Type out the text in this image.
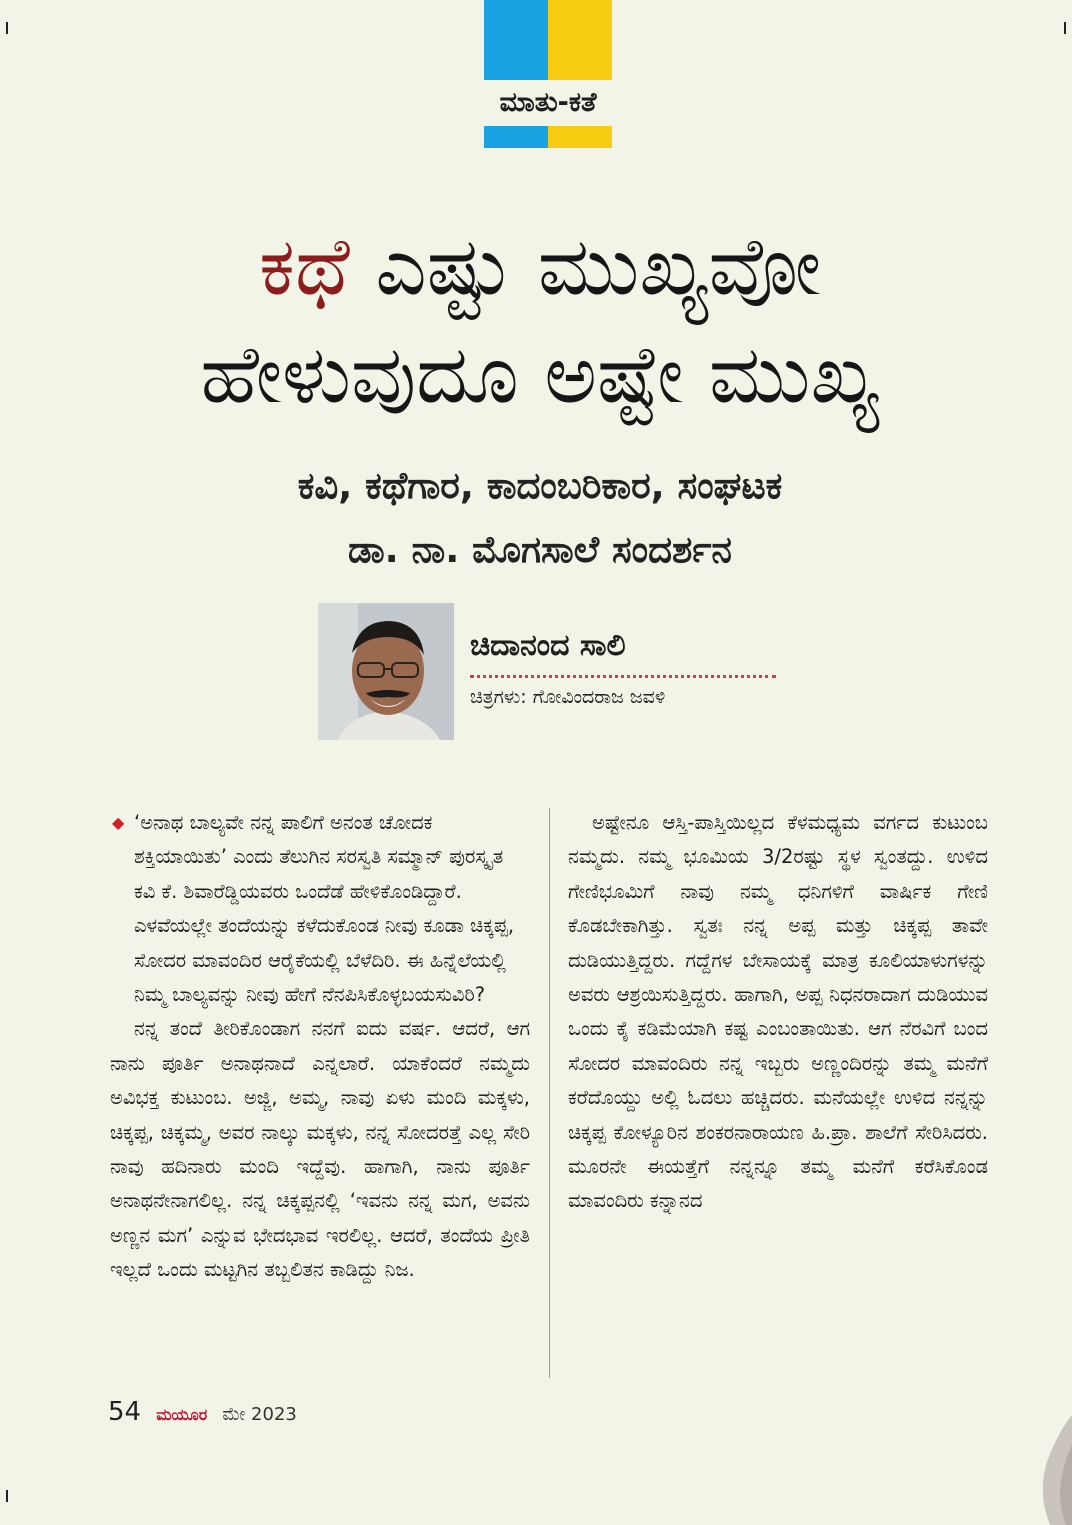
ಮಾತು-ಕತೆ
ಕಥೆ ಎಷ್ಟು ಮುಖ್ಯವೋ
ಹೇಳುವುದೂ ಅಷ್ಟೇ ಮುಖ್ಯ
ಕವಿ, ಕಥೆಗಾರ, ಕಾದಂಬರಿಕಾರ, ಸಂಘಟಕ
ಡಾ. ನಾ. ಮೊಗಸಾಲೆ ಸಂದರ್ಶನ
ಚಿದಾನಂದ ಸಾಲಿ
ಚಿತ್ರಗಳು: ಗೋವಿಂದರಾಜ ಜವಳಿ

◆ ‘ಅನಾಥ ಬಾಲ್ಯವೇ ನನ್ನ ಪಾಲಿಗೆ ಅನಂತ ಚೋದಕ ಶಕ್ತಿಯಾಯಿತು’ ಎಂದು ತೆಲುಗಿನ ಸರಸ್ವತಿ ಸಮ್ಮಾನ್ ಪುರಸ್ಕೃತ ಕವಿ ಕೆ. ಶಿವಾರೆಡ್ಡಿಯವರು ಒಂದೆಡೆ ಹೇಳಿಕೊಂಡಿದ್ದಾರೆ. ಎಳವೆಯಲ್ಲೇ ತಂದೆಯನ್ನು ಕಳೆದುಕೊಂಡ ನೀವು ಕೂಡಾ ಚಿಕ್ಕಪ್ಪ, ಸೋದರ ಮಾವಂದಿರ ಆರೈಕೆಯಲ್ಲಿ ಬೆಳೆದಿರಿ. ಈ ಹಿನ್ನೆಲೆಯಲ್ಲಿ ನಿಮ್ಮ ಬಾಲ್ಯವನ್ನು ನೀವು ಹೇಗೆ ನೆನಪಿಸಿಕೊಳ್ಳಬಯಸುವಿರಿ?

ನನ್ನ ತಂದೆ ತೀರಿಕೊಂಡಾಗ ನನಗೆ ಐದು ವರ್ಷ. ಆದರೆ, ಆಗ ನಾನು ಪೂರ್ತಿ ಅನಾಥನಾದೆ ಎನ್ನಲಾರೆ. ಯಾಕೆಂದರೆ ನಮ್ಮದು ಅವಿಭಕ್ತ ಕುಟುಂಬ. ಅಜ್ಜಿ, ಅಮ್ಮ, ನಾವು ಏಳು ಮಂದಿ ಮಕ್ಕಳು, ಚಿಕ್ಕಪ್ಪ, ಚಿಕ್ಕಮ್ಮ, ಅವರ ನಾಲ್ಕು ಮಕ್ಕಳು, ನನ್ನ ಸೋದರತ್ತೆ ಎಲ್ಲ ಸೇರಿ ನಾವು ಹದಿನಾರು ಮಂದಿ ಇದ್ದೆವು. ಹಾಗಾಗಿ, ನಾನು ಪೂರ್ತಿ ಅನಾಥನೇನಾಗಲಿಲ್ಲ. ನನ್ನ ಚಿಕ್ಕಪ್ಪನಲ್ಲಿ ‘ಇವನು ನನ್ನ ಮಗ, ಅವನು ಅಣ್ಣನ ಮಗ’ ಎನ್ನುವ ಭೇದಭಾವ ಇರಲಿಲ್ಲ. ಆದರೆ, ತಂದೆಯ ಪ್ರೀತಿ ಇಲ್ಲದೆ ಒಂದು ಮಟ್ಟಗಿನ ತಬ್ಬಲಿತನ ಕಾಡಿದ್ದು ನಿಜ.

ಅಷ್ಟೇನೂ ಆಸ್ತಿ-ಪಾಸ್ತಿಯಿಲ್ಲದ ಕೆಳಮಧ್ಯಮ ವರ್ಗದ ಕುಟುಂಬ ನಮ್ಮದು. ನಮ್ಮ ಭೂಮಿಯ 3/2ರಷ್ಟು ಸ್ಥಳ ಸ್ವಂತದ್ದು. ಉಳಿದ ಗೇಣಿಭೂಮಿಗೆ ನಾವು ನಮ್ಮ ಧನಿಗಳಿಗೆ ವಾರ್ಷಿಕ ಗೇಣಿ ಕೊಡಬೇಕಾಗಿತ್ತು. ಸ್ವತಃ ನನ್ನ ಅಪ್ಪ ಮತ್ತು ಚಿಕ್ಕಪ್ಪ ತಾವೇ ದುಡಿಯುತ್ತಿದ್ದರು. ಗದ್ದೆಗಳ ಬೇಸಾಯಕ್ಕೆ ಮಾತ್ರ ಕೂಲಿಯಾಳುಗಳನ್ನು ಅವರು ಆಶ್ರಯಿಸುತ್ತಿದ್ದರು. ಹಾಗಾಗಿ, ಅಪ್ಪ ನಿಧನರಾದಾಗ ದುಡಿಯುವ ಒಂದು ಕೈ ಕಡಿಮೆಯಾಗಿ ಕಷ್ಟ ಎಂಬಂತಾಯಿತು. ಆಗ ನೆರವಿಗೆ ಬಂದ ಸೋದರ ಮಾವಂದಿರು ನನ್ನ ಇಬ್ಬರು ಅಣ್ಣಂದಿರನ್ನು ತಮ್ಮ ಮನೆಗೆ ಕರೆದೊಯ್ದು ಅಲ್ಲಿ ಓದಲು ಹಚ್ಚಿದರು. ಮನೆಯಲ್ಲೇ ಉಳಿದ ನನ್ನನ್ನು ಚಿಕ್ಕಪ್ಪ ಕೋಳ್ಯೂರಿನ ಶಂಕರನಾರಾಯಣ ಹಿ.ಪ್ರಾ. ಶಾಲೆಗೆ ಸೇರಿಸಿದರು. ಮೂರನೇ ಈಯತ್ತೆಗೆ ನನ್ನನ್ನೂ ತಮ್ಮ ಮನೆಗೆ ಕರೆಸಿಕೊಂಡ ಮಾವಂದಿರು ಕನ್ನಾನದ

54 ಮಯೂರ ಮೇ 2023
